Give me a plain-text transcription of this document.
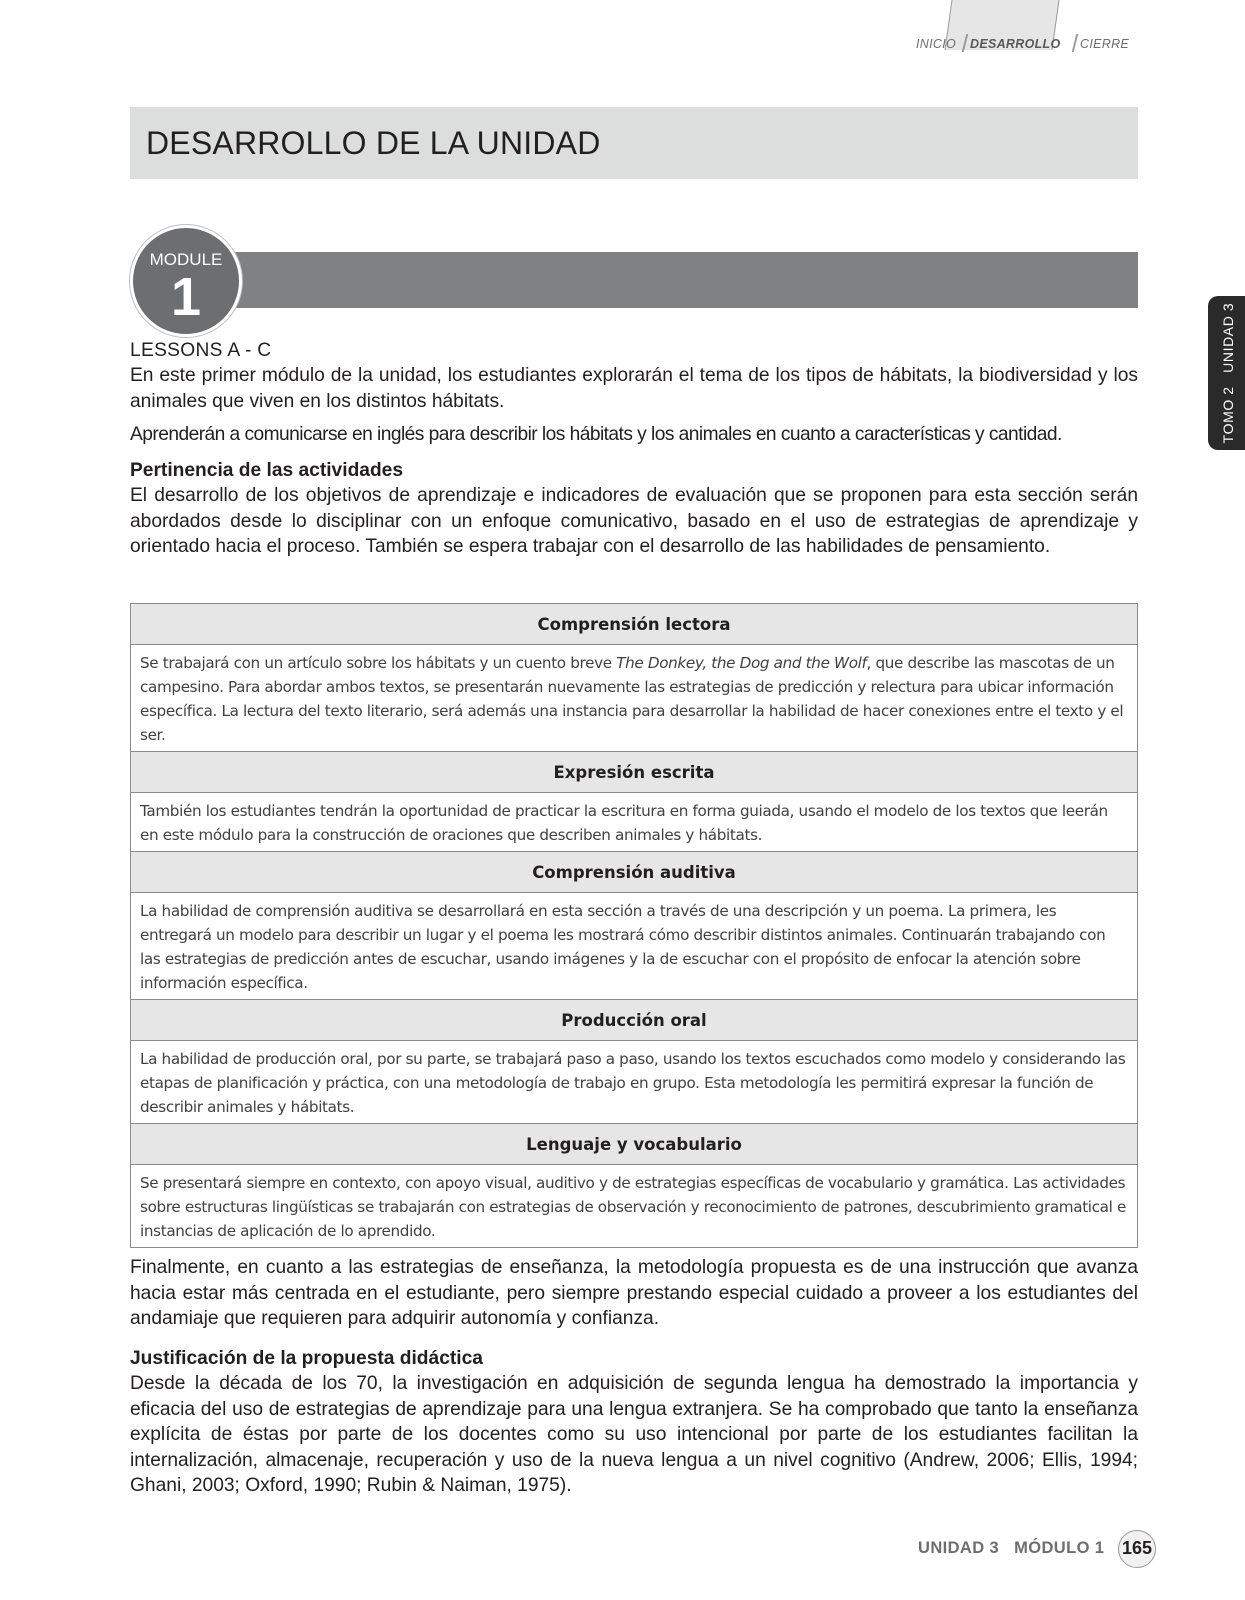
INICIO DESARROLLO CIERRE
TOMO 2   UNIDAD 3
DESARROLLO DE LA UNIDAD
MODULE
1
LESSONS A - C

En este primer módulo de la unidad, los estudiantes explorarán el tema de los tipos de hábitats, la biodiversidad y los animales que viven en los distintos hábitats.

Aprenderán a comunicarse en inglés para describir los hábitats y los animales en cuanto a características y cantidad.

Pertinencia de las actividades

El desarrollo de los objetivos de aprendizaje e indicadores de evaluación que se proponen para esta sección serán abordados desde lo disciplinar con un enfoque comunicativo, basado en el uso de estrategias de aprendizaje y orientado hacia el proceso. También se espera trabajar con el desarrollo de las habilidades de pensamiento.

Comprensión lectora
Se trabajará con un artículo sobre los hábitats y un cuento breve The Donkey, the Dog and the Wolf, que describe las mascotas de un campesino. Para abordar ambos textos, se presentarán nuevamente las estrategias de predicción y relectura para ubicar información específica. La lectura del texto literario, será además una instancia para desarrollar la habilidad de hacer conexiones entre el texto y el ser.
Expresión escrita
También los estudiantes tendrán la oportunidad de practicar la escritura en forma guiada, usando el modelo de los textos que leerán en este módulo para la construcción de oraciones que describen animales y hábitats.
Comprensión auditiva
La habilidad de comprensión auditiva se desarrollará en esta sección a través de una descripción y un poema. La primera, les entregará un modelo para describir un lugar y el poema les mostrará cómo describir distintos animales. Continuarán trabajando con las estrategias de predicción antes de escuchar, usando imágenes y la de escuchar con el propósito de enfocar la atención sobre información específica.
Producción oral
La habilidad de producción oral, por su parte, se trabajará paso a paso, usando los textos escuchados como modelo y considerando las etapas de planificación y práctica, con una metodología de trabajo en grupo. Esta metodología les permitirá expresar la función de describir animales y hábitats.
Lenguaje y vocabulario
Se presentará siempre en contexto, con apoyo visual, auditivo y de estrategias específicas de vocabulario y gramática. Las actividades sobre estructuras lingüísticas se trabajarán con estrategias de observación y reconocimiento de patrones, descubrimiento gramatical e instancias de aplicación de lo aprendido.

Finalmente, en cuanto a las estrategias de enseñanza, la metodología propuesta es de una instrucción que avanza hacia estar más centrada en el estudiante, pero siempre prestando especial cuidado a proveer a los estudiantes del andamiaje que requieren para adquirir autonomía y confianza.

Justificación de la propuesta didáctica

Desde la década de los 70, la investigación en adquisición de segunda lengua ha demostrado la importancia y eficacia del uso de estrategias de aprendizaje para una lengua extranjera. Se ha comprobado que tanto la enseñanza explícita de éstas por parte de los docentes como su uso intencional por parte de los estudiantes facilitan la internalización, almacenaje, recuperación y uso de la nueva lengua a un nivel cognitivo (Andrew, 2006; Ellis, 1994; Ghani, 2003; Oxford, 1990; Rubin & Naiman, 1975).

UNIDAD 3   MÓDULO 1 165
